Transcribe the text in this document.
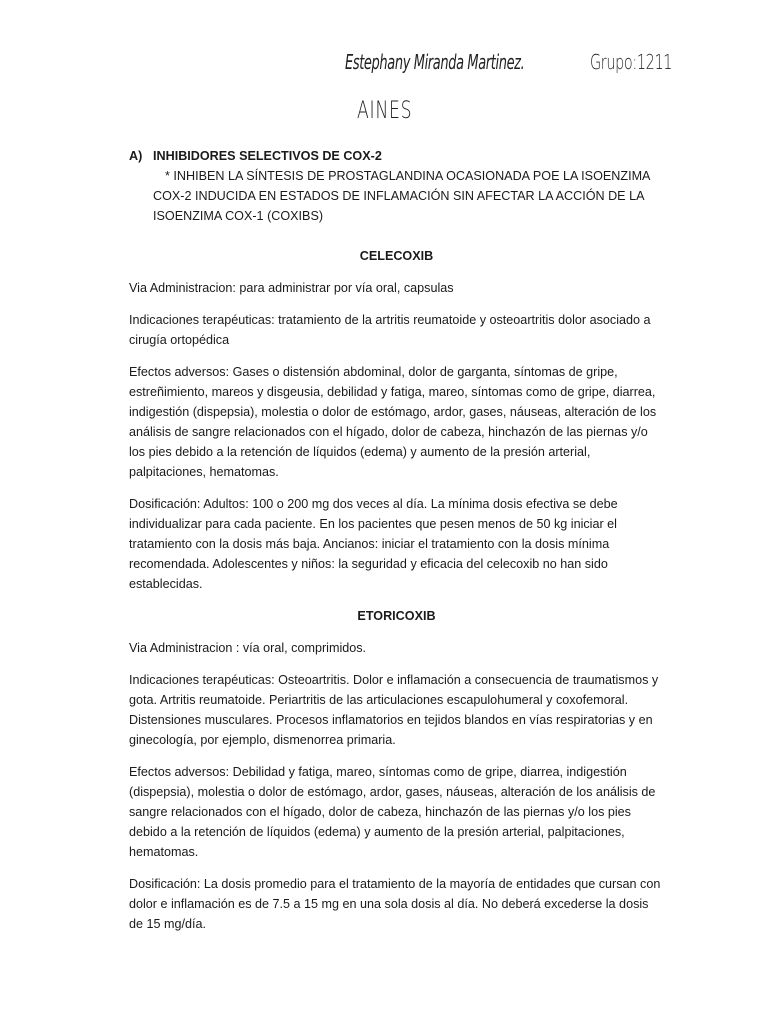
Estephany Miranda Martinez.	Grupo:1211
AINES
A) INHIBIDORES SELECTIVOS DE COX-2

* INHIBEN LA SÍNTESIS DE PROSTAGLANDINA OCASIONADA POE LA ISOENZIMA COX-2 INDUCIDA EN ESTADOS DE INFLAMACIÓN SIN AFECTAR LA ACCIÓN DE LA ISOENZIMA COX-1 (COXIBS)

CELECOXIB

Via Administracion: para administrar por vía oral, capsulas

Indicaciones terapéuticas: tratamiento de la artritis reumatoide y osteoartritis dolor asociado a cirugía ortopédica

Efectos adversos: Gases o distensión abdominal, dolor de garganta, síntomas de gripe, estreñimiento, mareos y disgeusia, debilidad y fatiga, mareo, síntomas como de gripe, diarrea, indigestión (dispepsia), molestia o dolor de estómago, ardor, gases, náuseas, alteración de los análisis de sangre relacionados con el hígado, dolor de cabeza, hinchazón de las piernas y/o los pies debido a la retención de líquidos (edema) y aumento de la presión arterial, palpitaciones, hematomas.

Dosificación: Adultos: 100 o 200 mg dos veces al día. La mínima dosis efectiva se debe individualizar para cada paciente. En los pacientes que pesen menos de 50 kg iniciar el tratamiento con la dosis más baja. Ancianos: iniciar el tratamiento con la dosis mínima recomendada. Adolescentes y niños: la seguridad y eficacia del celecoxib no han sido establecidas.

ETORICOXIB

Via Administracion : vía oral, comprimidos.

Indicaciones terapéuticas: Osteoartritis. Dolor e inflamación a consecuencia de traumatismos y gota. Artritis reumatoide. Periartritis de las articulaciones escapulohumeral y coxofemoral. Distensiones musculares. Procesos inflamatorios en tejidos blandos en vías respiratorias y en ginecología, por ejemplo, dismenorrea primaria.

Efectos adversos: Debilidad y fatiga, mareo, síntomas como de gripe, diarrea, indigestión (dispepsia), molestia o dolor de estómago, ardor, gases, náuseas, alteración de los análisis de sangre relacionados con el hígado, dolor de cabeza, hinchazón de las piernas y/o los pies debido a la retención de líquidos (edema) y aumento de la presión arterial, palpitaciones, hematomas.

Dosificación: La dosis promedio para el tratamiento de la mayoría de entidades que cursan con dolor e inflamación es de 7.5 a 15 mg en una sola dosis al día. No deberá excederse la dosis de 15 mg/día.
